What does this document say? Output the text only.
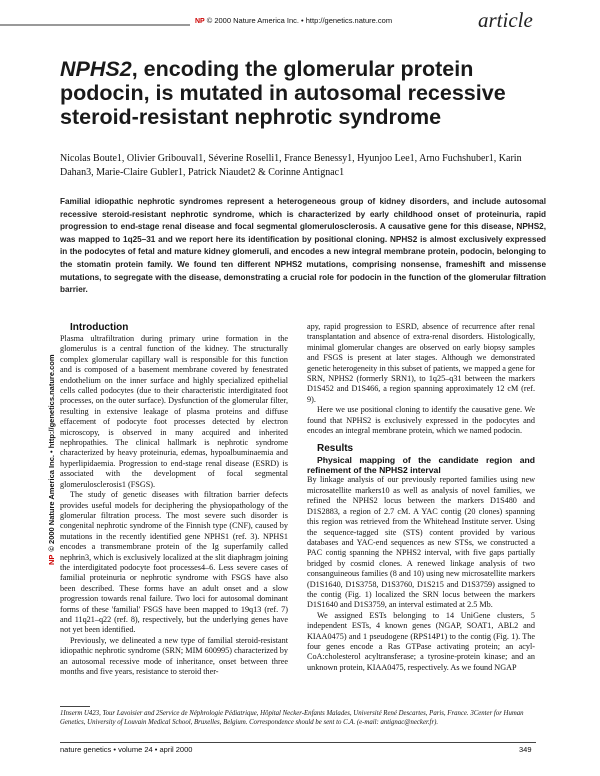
NP © 2000 Nature America Inc. • http://genetics.nature.com	article
NP© 2000 Nature America Inc. • http://genetics.nature.com
NPHS2, encoding the glomerular protein podocin, is mutated in autosomal recessive steroid-resistant nephrotic syndrome
Nicolas Boute1, Olivier Gribouval1, Séverine Roselli1, France Benessy1, Hyunjoo Lee1, Arno Fuchshuber1, Karin Dahan3, Marie-Claire Gubler1, Patrick Niaudet2 & Corinne Antignac1
Familial idiopathic nephrotic syndromes represent a heterogeneous group of kidney disorders, and include autosomal recessive steroid-resistant nephrotic syndrome, which is characterized by early childhood onset of proteinuria, rapid progression to end-stage renal disease and focal segmental glomerulosclerosis. A causative gene for this disease, NPHS2, was mapped to 1q25–31 and we report here its identification by positional cloning. NPHS2 is almost exclusively expressed in the podocytes of fetal and mature kidney glomeruli, and encodes a new integral membrane protein, podocin, belonging to the stomatin protein family. We found ten different NPHS2 mutations, comprising nonsense, frameshift and missense mutations, to segregate with the disease, demonstrating a crucial role for podocin in the function of the glomerular filtration barrier.

Introduction

Plasma ultrafiltration during primary urine formation in the glomerulus is a central function of the kidney. The structurally complex glomerular capillary wall is responsible for this function and is composed of a basement membrane covered by fenestrated endothelium on the inner surface and highly specialized epithelial cells called podocytes (due to their characteristic interdigitated foot processes, on the outer surface). Dysfunction of the glomerular filter, resulting in extensive leakage of plasma proteins and diffuse effacement of podocyte foot processes detected by electron microscopy, is observed in many acquired and inherited nephropathies. The clinical hallmark is nephrotic syndrome characterized by heavy proteinuria, edemas, hypoalbuminaemia and hyperlipidaemia. Progression to end-stage renal disease (ESRD) is associated with the development of focal segmental glomerulosclerosis1 (FSGS).

The study of genetic diseases with filtration barrier defects provides useful models for deciphering the physiopathology of the glomerular filtration process. The most severe such disorder is congenital nephrotic syndrome of the Finnish type (CNF), caused by mutations in the recently identified gene NPHS1 (ref. 3). NPHS1 encodes a transmembrane protein of the Ig superfamily called nephrin3, which is exclusively localized at the slit diaphragm joining the interdigitated podocyte foot processes4–6. Less severe cases of familial proteinuria or nephrotic syndrome with FSGS have also been described. These forms have an adult onset and a slow progression towards renal failure. Two loci for autosomal dominant forms of these 'familial' FSGS have been mapped to 19q13 (ref. 7) and 11q21–q22 (ref. 8), respectively, but the underlying genes have not yet been identified.

Previously, we delineated a new type of familial steroid-resistant idiopathic nephrotic syndrome (SRN; MIM 600995) characterized by an autosomal recessive mode of inheritance, onset between three months and five years, resistance to steroid ther-

apy, rapid progression to ESRD, absence of recurrence after renal transplantation and absence of extra-renal disorders. Histologically, minimal glomerular changes are observed on early biopsy samples and FSGS is present at later stages. Although we demonstrated genetic heterogeneity in this subset of patients, we mapped a gene for SRN, NPHS2 (formerly SRN1), to 1q25–q31 between the markers D1S452 and D1S466, a region spanning approximately 12 cM (ref. 9).

Here we use positional cloning to identify the causative gene. We found that NPHS2 is exclusively expressed in the podocytes and encodes an integral membrane protein, which we named podocin.

Results

Physical mapping of the candidate region and refinement of the NPHS2 interval

By linkage analysis of our previously reported families using new microsatellite markers10 as well as analysis of novel families, we refined the NPHS2 locus between the markers D1S480 and D1S2883, a region of 2.7 cM. A YAC contig (20 clones) spanning this region was retrieved from the Whitehead Institute server. Using the sequence-tagged site (STS) content provided by various databases and YAC-end sequences as new STSs, we constructed a PAC contig spanning the NPHS2 interval, with five gaps partially bridged by cosmid clones. A renewed linkage analysis of two consanguineous families (8 and 10) using new microsatellite markers (D1S1640, D1S3758, D1S3760, D1S215 and D1S3759) assigned to the contig (Fig. 1) localized the SRN locus between the markers D1S1640 and D1S3759, an interval estimated at 2.5 Mb.

We assigned ESTs belonging to 14 UniGene clusters, 5 independent ESTs, 4 known genes (NGAP, SOAT1, ABL2 and KIAA0475) and 1 pseudogene (RPS14P1) to the contig (Fig. 1). The four genes encode a Ras GTPase activating protein; an acyl-CoA:cholesterol acyltransferase; a tyrosine-protein kinase; and an unknown protein, KIAA0475, respectively. As we found NGAP

1Inserm U423, Tour Lavoisier and 2Service de Néphrologie Pédiatrique, Hôpital Necker-Enfants Malades, Université René Descartes, Paris, France. 3Center for Human Genetics, University of Louvain Medical School, Bruxelles, Belgium. Correspondence should be sent to C.A. (e-mail: antignac@necker.fr).
nature genetics • volume 24 • april 2000	349
